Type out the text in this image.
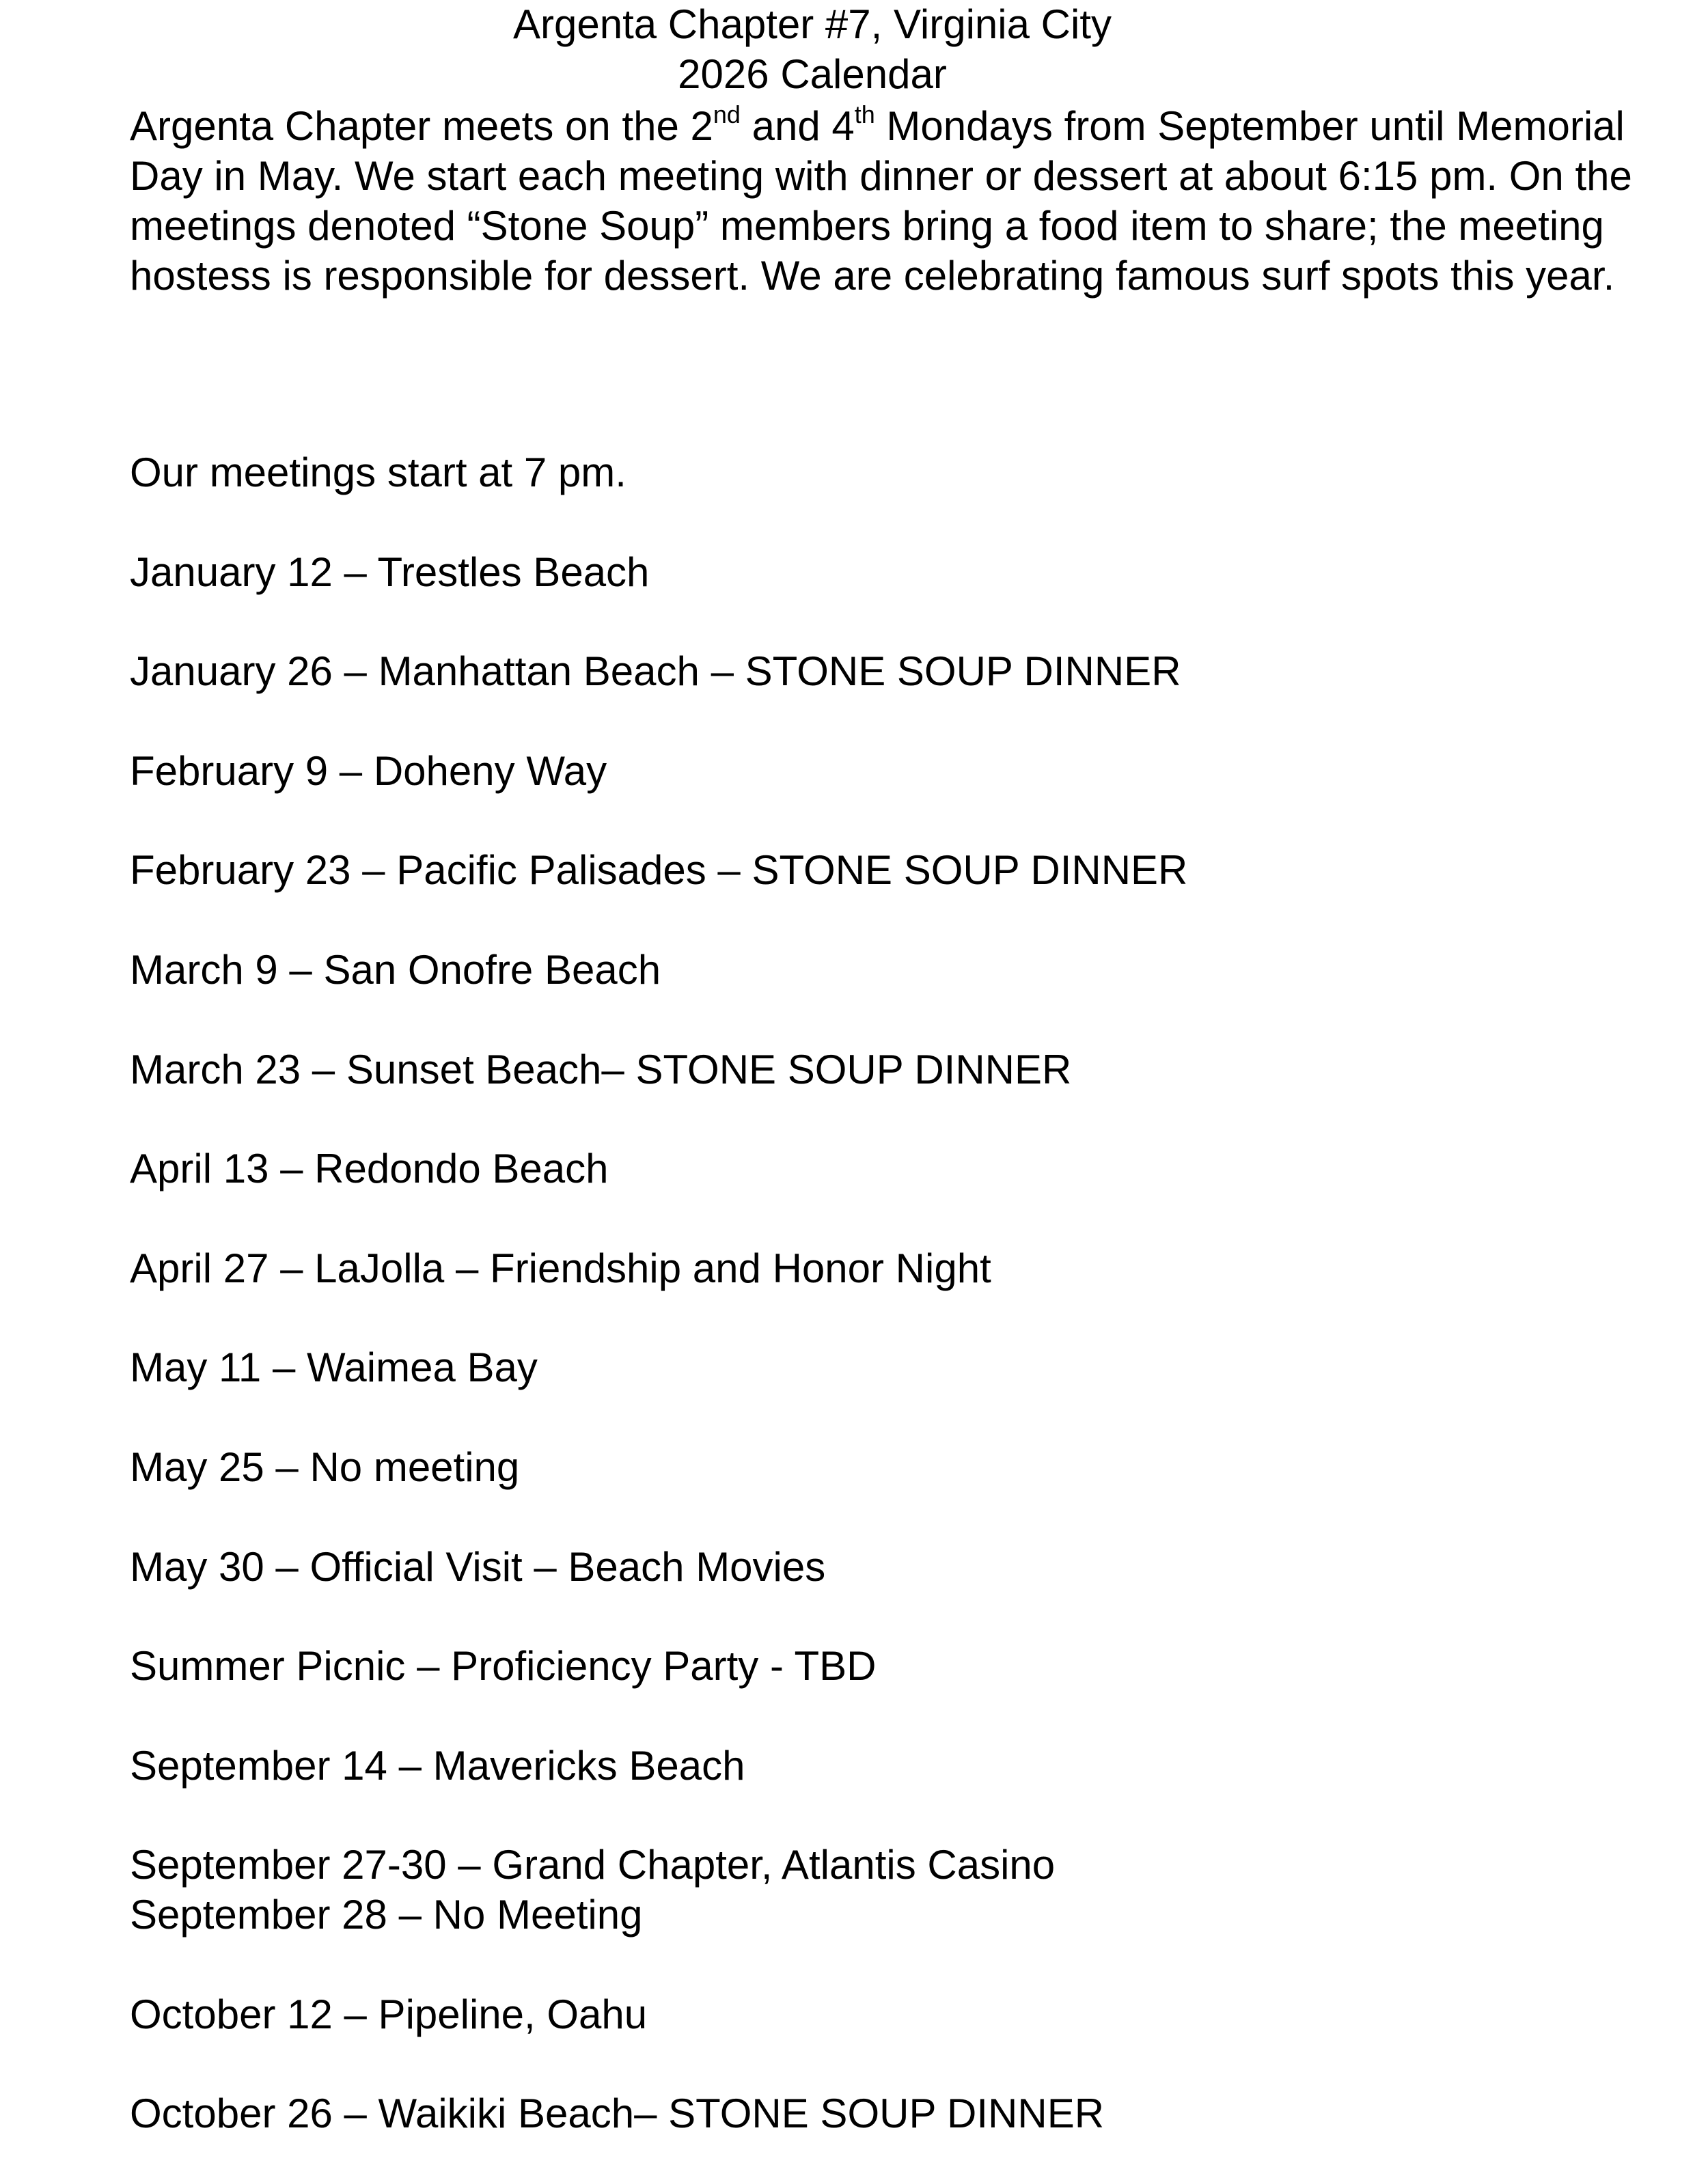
Argenta Chapter #7, Virginia City
2026 Calendar

Argenta Chapter meets on the 2nd and 4th Mondays from September until Memorial Day in May. We start each meeting with dinner or dessert at about 6:15 pm. On the meetings denoted “Stone Soup” members bring a food item to share; the meeting hostess is responsible for dessert. We are celebrating famous surf spots this year.

Our meetings start at 7 pm.

January 12 – Trestles Beach

January 26 – Manhattan Beach – STONE SOUP DINNER

February 9 – Doheny Way

February 23 – Pacific Palisades – STONE SOUP DINNER

March 9 – San Onofre Beach

March 23 – Sunset Beach– STONE SOUP DINNER

April 13 – Redondo Beach

April 27 – LaJolla – Friendship and Honor Night

May 11 – Waimea Bay

May 25 – No meeting

May 30 – Official Visit – Beach Movies

Summer Picnic – Proficiency Party - TBD

September 14 – Mavericks Beach

September 27-30 – Grand Chapter, Atlantis Casino

September 28 – No Meeting

October 12 – Pipeline, Oahu

October 26 – Waikiki Beach– STONE SOUP DINNER
